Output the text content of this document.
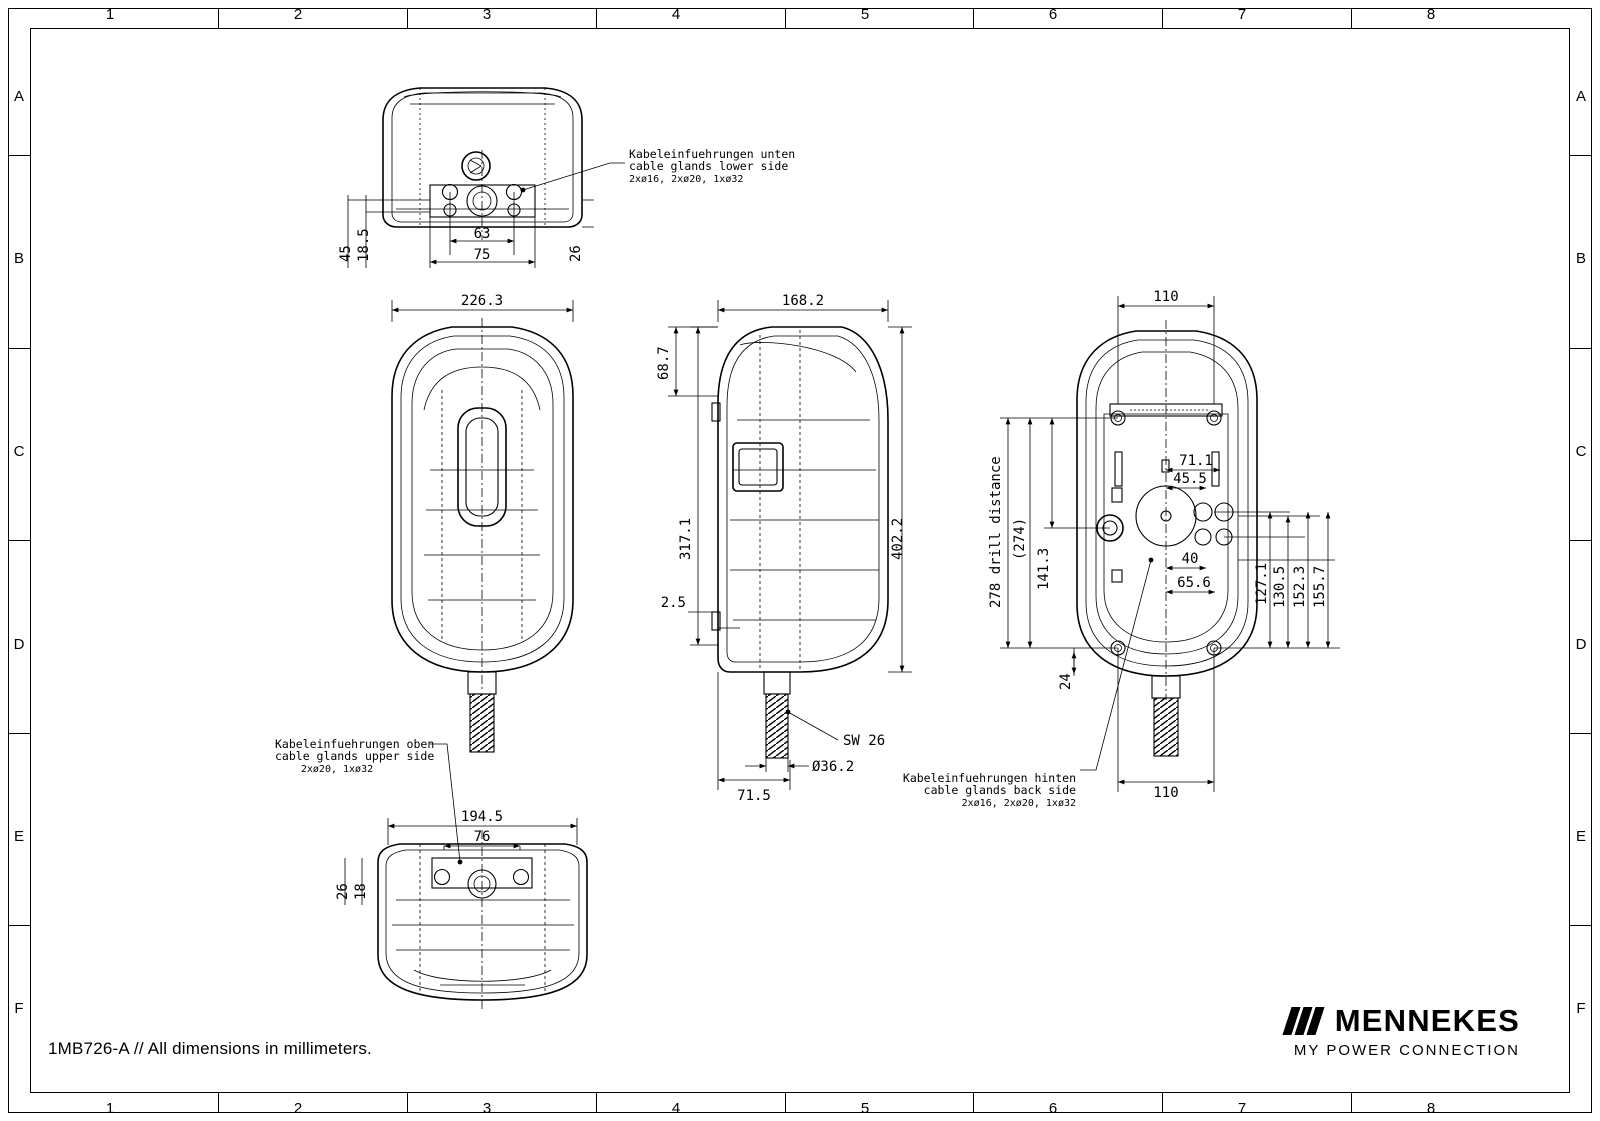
1	2	3	4	5	6	7	8
1	2	3	4	5	6	7	8
A
B
C
D
E
F
A
B
C
D
E
F
45 18.5	63
75	26
Kabeleinfuehrungen unten
cable glands lower side
2xø16, 2xø20, 1xø32
226.3
Kabeleinfuehrungen oben
cable glands upper side
2xø20, 1xø32
26 18
194.5
76
168.2
68.7
317.1	402.2
2.5
71.5
Ø36.2
SW 26
110
110
278 drill distance (274)
141.3
24
71.1
45.5
40
65.6	127.1 130.5 152.3 155.7
Kabeleinfuehrungen hinten
cable glands back side
2xø16, 2xø20, 1xø32
1MB726-A // All dimensions in millimeters.
MENNEKES
MY POWER CONNECTION
